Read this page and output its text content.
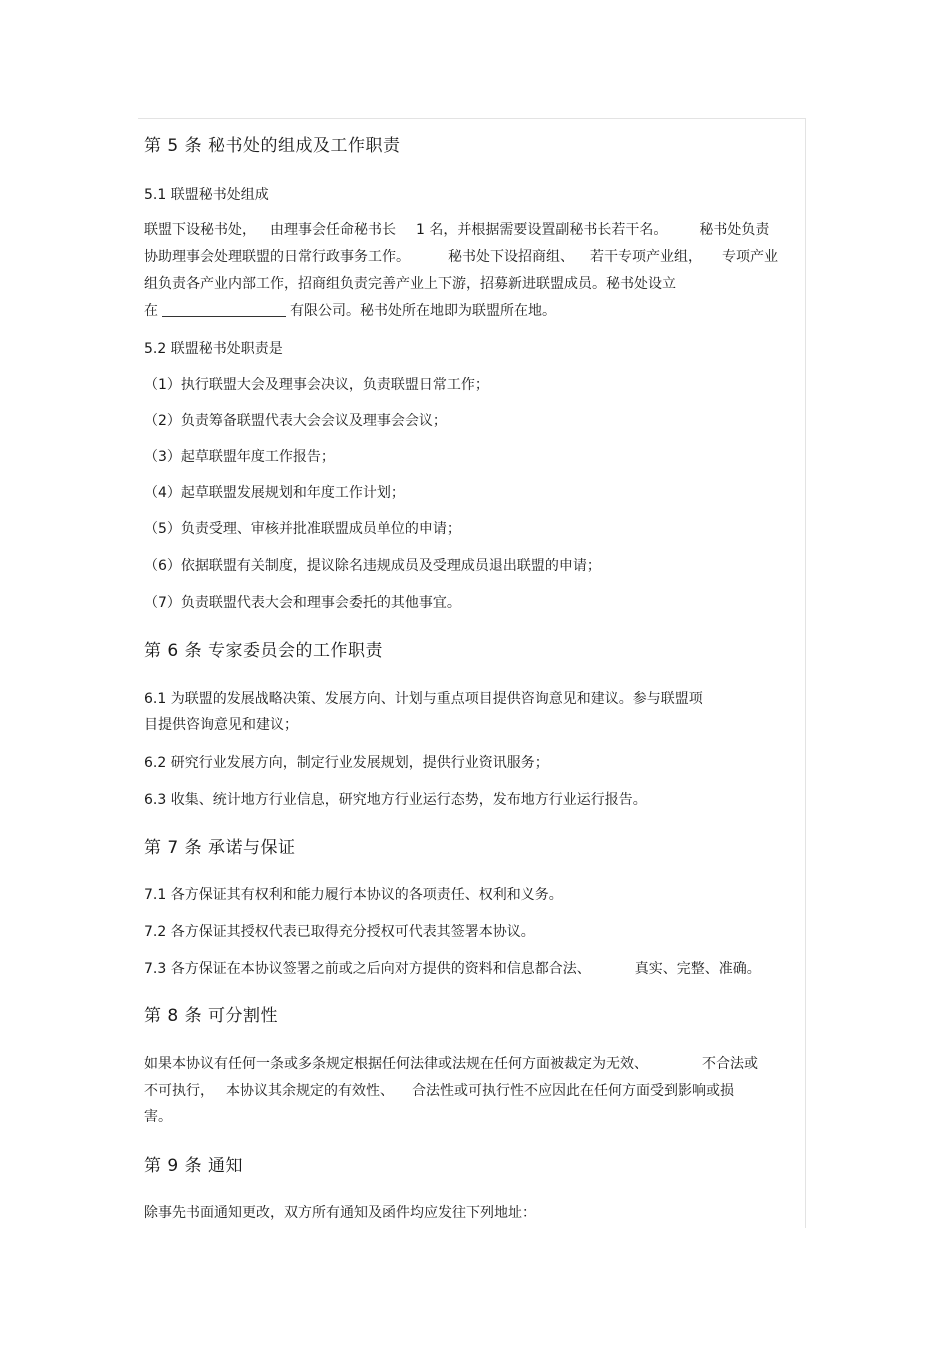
第 5 条 秘书处的组成及工作职责
5.1 联盟秘书处组成
联盟下设秘书处， 由理事会任命秘书长 1 名，并根据需要设置副秘书长若干名。 秘书处负责
协助理事会处理联盟的日常行政事务工作。	秘书处下设招商组、 若干专项产业组， 专项产业
组负责各产业内部工作，招商组负责完善产业上下游，招募新进联盟成员。秘书处设立
在	有限公司。秘书处所在地即为联盟所在地。
5.2 联盟秘书处职责是
（1）执行联盟大会及理事会决议，负责联盟日常工作；
（2）负责筹备联盟代表大会会议及理事会会议；
（3）起草联盟年度工作报告；
（4）起草联盟发展规划和年度工作计划；
（5）负责受理、审核并批准联盟成员单位的申请；
（6）依据联盟有关制度，提议除名违规成员及受理成员退出联盟的申请；
（7）负责联盟代表大会和理事会委托的其他事宜。
第 6 条 专家委员会的工作职责
6.1 为联盟的发展战略决策、发展方向、计划与重点项目提供咨询意见和建议。参与联盟项
目提供咨询意见和建议；
6.2 研究行业发展方向，制定行业发展规划，提供行业资讯服务；
6.3 收集、统计地方行业信息，研究地方行业运行态势，发布地方行业运行报告。
第 7 条 承诺与保证
7.1 各方保证其有权利和能力履行本协议的各项责任、权利和义务。
7.2 各方保证其授权代表已取得充分授权可代表其签署本协议。
7.3 各方保证在本协议签署之前或之后向对方提供的资料和信息都合法、	真实、完整、准确。
第 8 条 可分割性
如果本协议有任何一条或多条规定根据任何法律或法规在任何方面被裁定为无效、	不合法或
不可执行， 本协议其余规定的有效性、 合法性或可执行性不应因此在任何方面受到影响或损
害。
第 9 条 通知
除事先书面通知更改，双方所有通知及函件均应发往下列地址：
